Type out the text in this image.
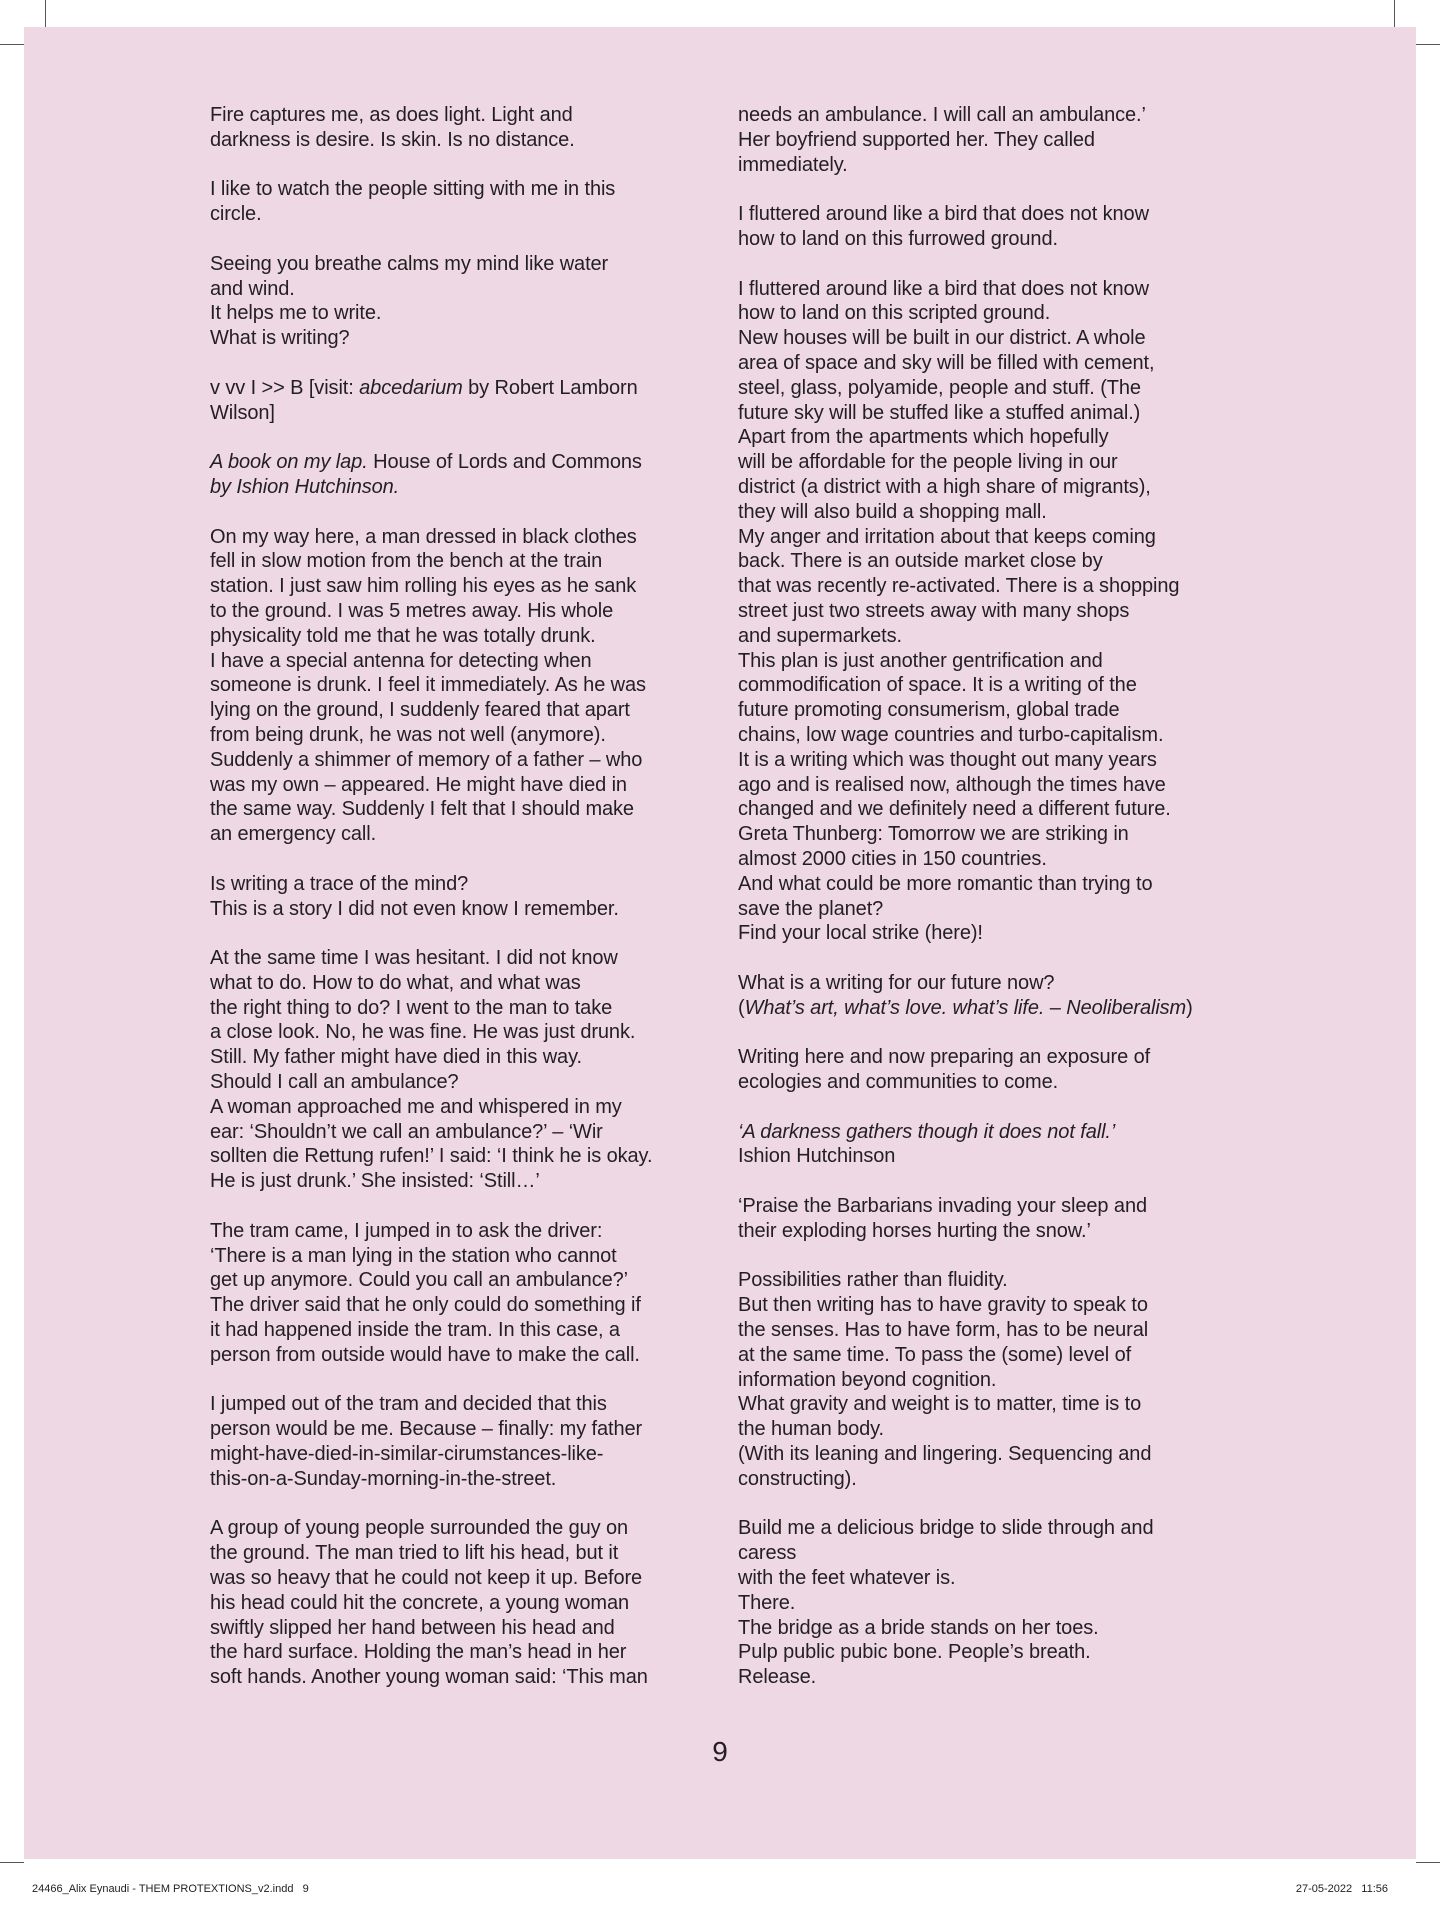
Fire captures me, as does light. Light and
darkness is desire. Is skin. Is no distance.

I like to watch the people sitting with me in this
circle.

Seeing you breathe calms my mind like water
and wind.
It helps me to write.
What is writing?

v vv I >> B [visit: abcedarium by Robert Lamborn
Wilson]

A book on my lap. House of Lords and Commons
by Ishion Hutchinson.

On my way here, a man dressed in black clothes
fell in slow motion from the bench at the train
station. I just saw him rolling his eyes as he sank
to the ground. I was 5 metres away. His whole
physicality told me that he was totally drunk.
I have a special antenna for detecting when
someone is drunk. I feel it immediately. As he was
lying on the ground, I suddenly feared that apart
from being drunk, he was not well (anymore).
Suddenly a shimmer of memory of a father – who
was my own – appeared. He might have died in
the same way. Suddenly I felt that I should make
an emergency call.

Is writing a trace of the mind?
This is a story I did not even know I remember.

At the same time I was hesitant. I did not know
what to do. How to do what, and what was
the right thing to do? I went to the man to take
a close look. No, he was fine. He was just drunk.
Still. My father might have died in this way.
Should I call an ambulance?
A woman approached me and whispered in my
ear: ‘Shouldn’t we call an ambulance?’ – ‘Wir
sollten die Rettung rufen!’ I said: ‘I think he is okay.
He is just drunk.’ She insisted: ‘Still…’

The tram came, I jumped in to ask the driver:
‘There is a man lying in the station who cannot
get up anymore. Could you call an ambulance?’
The driver said that he only could do something if
it had happened inside the tram. In this case, a
person from outside would have to make the call.

I jumped out of the tram and decided that this
person would be me. Because – finally: my father
might-have-died-in-similar-cirumstances-like-
this-on-a-Sunday-morning-in-the-street.

A group of young people surrounded the guy on
the ground. The man tried to lift his head, but it
was so heavy that he could not keep it up. Before
his head could hit the concrete, a young woman
swiftly slipped her hand between his head and
the hard surface. Holding the man’s head in her
soft hands. Another young woman said: ‘This man

needs an ambulance. I will call an ambulance.’
Her boyfriend supported her. They called
immediately.

I fluttered around like a bird that does not know
how to land on this furrowed ground.

I fluttered around like a bird that does not know
how to land on this scripted ground.
New houses will be built in our district. A whole
area of space and sky will be filled with cement,
steel, glass, polyamide, people and stuff. (The
future sky will be stuffed like a stuffed animal.)
Apart from the apartments which hopefully
will be affordable for the people living in our
district (a district with a high share of migrants),
they will also build a shopping mall.
My anger and irritation about that keeps coming
back. There is an outside market close by
that was recently re-activated. There is a shopping
street just two streets away with many shops
and supermarkets.
This plan is just another gentrification and
commodification of space. It is a writing of the
future promoting consumerism, global trade
chains, low wage countries and turbo-capitalism.
It is a writing which was thought out many years
ago and is realised now, although the times have
changed and we definitely need a different future.
Greta Thunberg: Tomorrow we are striking in
almost 2000 cities in 150 countries.
And what could be more romantic than trying to
save the planet?
Find your local strike (here)!

What is a writing for our future now?
(What’s art, what’s love. what’s life. – Neoliberalism)

Writing here and now preparing an exposure of
ecologies and communities to come.

‘A darkness gathers though it does not fall.’
Ishion Hutchinson

‘Praise the Barbarians invading your sleep and
their exploding horses hurting the snow.’

Possibilities rather than fluidity.
But then writing has to have gravity to speak to
the senses. Has to have form, has to be neural
at the same time. To pass the (some) level of
information beyond cognition.
What gravity and weight is to matter, time is to
the human body.
(With its leaning and lingering. Sequencing and
constructing).

Build me a delicious bridge to slide through and
caress
with the feet whatever is.
There.
The bridge as a bride stands on her toes.
Pulp public pubic bone. People’s breath.
Release.

9
24466_Alix Eynaudi - THEM PROTEXTIONS_v2.indd   9	27-05-2022   11:56
